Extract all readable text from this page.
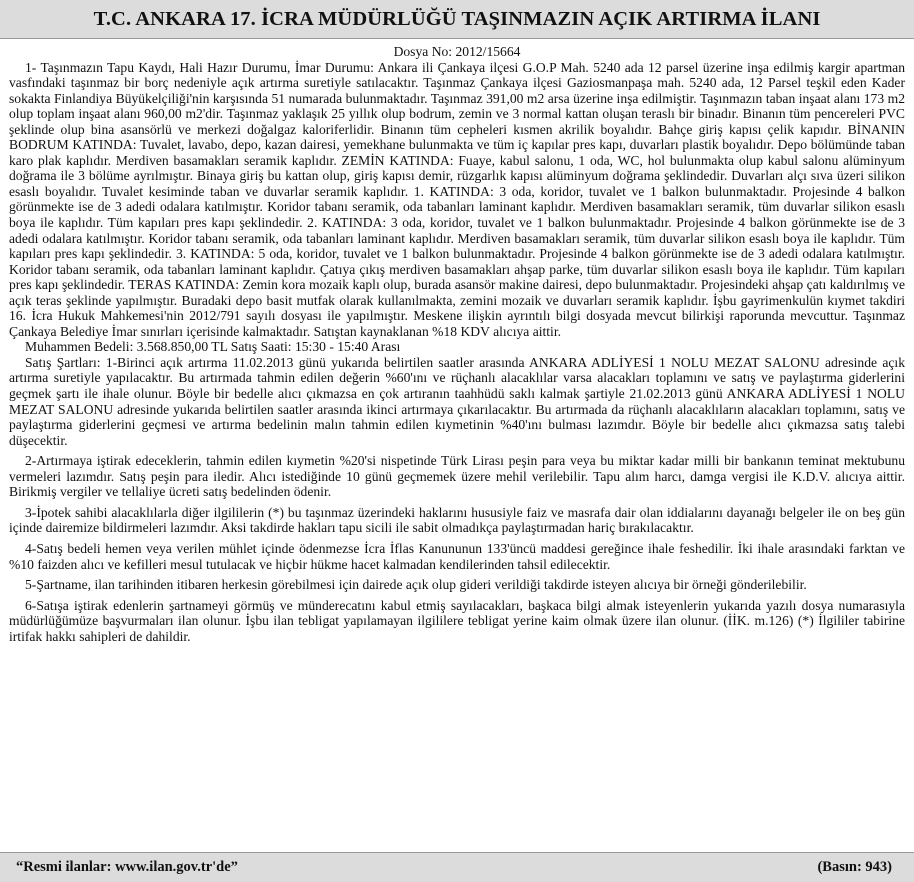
T.C. ANKARA 17. İCRA MÜDÜRLÜĞÜ TAŞINMAZIN AÇIK ARTIRMA İLANI

Dosya No: 2012/15664

1- Taşınmazın Tapu Kaydı, Hali Hazır Durumu, İmar Durumu: Ankara ili Çankaya ilçesi G.O.P Mah. 5240 ada 12 parsel üzerine inşa edilmiş kargir apartman vasfındaki taşınmaz bir borç nedeniyle açık artırma suretiyle satılacaktır. Taşınmaz Çankaya ilçesi Gaziosmanpaşa mah. 5240 ada, 12 Parsel teşkil eden Kader sokakta Finlandiya Büyükelçiliği'nin karşısında 51 numarada bulunmaktadır. Taşınmaz 391,00 m2 arsa üzerine inşa edilmiştir. Taşınmazın taban inşaat alanı 173 m2 olup toplam inşaat alanı 960,00 m2'dir. Taşınmaz yaklaşık 25 yıllık olup bodrum, zemin ve 3 normal kattan oluşan teraslı bir binadır. Binanın tüm pencereleri PVC şeklinde olup bina asansörlü ve merkezi doğalgaz kaloriferlidir. Binanın tüm cepheleri kısmen akrilik boyalıdır. Bahçe giriş kapısı çelik kapıdır. BİNANIN BODRUM KATINDA: Tuvalet, lavabo, depo, kazan dairesi, yemekhane bulunmakta ve tüm iç kapılar pres kapı, duvarları plastik boyalıdır. Depo bölümünde taban karo plak kaplıdır. Merdiven basamakları seramik kaplıdır. ZEMİN KATINDA: Fuaye, kabul salonu, 1 oda, WC, hol bulunmakta olup kabul salonu alüminyum doğrama ile 3 bölüme ayrılmıştır. Binaya giriş bu kattan olup, giriş kapısı demir, rüzgarlık kapısı alüminyum doğrama şeklindedir. Duvarları alçı sıva üzeri silikon esaslı boyalıdır. Tuvalet kesiminde taban ve duvarlar seramik kaplıdır. 1. KATINDA: 3 oda, koridor, tuvalet ve 1 balkon bulunmaktadır. Projesinde 4 balkon görünmekte ise de 3 adedi odalara katılmıştır. Koridor tabanı seramik, oda tabanları laminant kaplıdır. Merdiven basamakları seramik, tüm duvarlar silikon esaslı boya ile kaplıdır. Tüm kapıları pres kapı şeklindedir. 2. KATINDA: 3 oda, koridor, tuvalet ve 1 balkon bulunmaktadır. Projesinde 4 balkon görünmekte ise de 3 adedi odalara katılmıştır. Koridor tabanı seramik, oda tabanları laminant kaplıdır. Merdiven basamakları seramik, tüm duvarlar silikon esaslı boya ile kaplıdır. Tüm kapıları pres kapı şeklindedir. 3. KATINDA: 5 oda, koridor, tuvalet ve 1 balkon bulunmaktadır. Projesinde 4 balkon görünmekte ise de 3 adedi odalara katılmıştır. Koridor tabanı seramik, oda tabanları laminant kaplıdır. Çatıya çıkış merdiven basamakları ahşap parke, tüm duvarlar silikon esaslı boya ile kaplıdır. Tüm kapıları pres kapı şeklindedir. TERAS KATINDA: Zemin kora mozaik kaplı olup, burada asansör makine dairesi, depo bulunmaktadır. Projesindeki ahşap çatı kaldırılmış ve açık teras şeklinde yapılmıştır. Buradaki depo basit mutfak olarak kullanılmakta, zemini mozaik ve duvarları seramik kaplıdır. İşbu gayrimenkulün kıymet takdiri 16. İcra Hukuk Mahkemesi'nin 2012/791 sayılı dosyası ile yapılmıştır. Meskene ilişkin ayrıntılı bilgi dosyada mevcut bilirkişi raporunda mevcuttur. Taşınmaz Çankaya Belediye İmar sınırları içerisinde kalmaktadır. Satıştan kaynaklanan %18 KDV alıcıya aittir.

Muhammen Bedeli: 3.568.850,00 TL Satış Saati: 15:30 - 15:40 Arası

Satış Şartları: 1-Birinci açık artırma 11.02.2013 günü yukarıda belirtilen saatler arasında ANKARA ADLİYESİ 1 NOLU MEZAT SALONU adresinde açık artırma suretiyle yapılacaktır. Bu artırmada tahmin edilen değerin %60'ını ve rüçhanlı alacaklılar varsa alacakları toplamını ve satış ve paylaştırma giderlerini geçmek şartı ile ihale olunur. Böyle bir bedelle alıcı çıkmazsa en çok artıranın taahhüdü saklı kalmak şartiyle 21.02.2013 günü ANKARA ADLİYESİ 1 NOLU MEZAT SALONU adresinde yukarıda belirtilen saatler arasında ikinci artırmaya çıkarılacaktır. Bu artırmada da rüçhanlı alacaklıların alacakları toplamını, satış ve paylaştırma giderlerini geçmesi ve artırma bedelinin malın tahmin edilen kıymetinin %40'ını bulması lazımdır. Böyle bir bedelle alıcı çıkmazsa satış talebi düşecektir.

2-Artırmaya iştirak edeceklerin, tahmin edilen kıymetin %20'si nispetinde Türk Lirası peşin para veya bu miktar kadar milli bir bankanın teminat mektubunu vermeleri lazımdır. Satış peşin para iledir. Alıcı istediğinde 10 günü geçmemek üzere mehil verilebilir. Tapu alım harcı, damga vergisi ile K.D.V. alıcıya aittir. Birikmiş vergiler ve tellaliye ücreti satış bedelinden ödenir.

3-İpotek sahibi alacaklılarla diğer ilgililerin (*) bu taşınmaz üzerindeki haklarını hususiyle faiz ve masrafa dair olan iddialarını dayanağı belgeler ile on beş gün içinde dairemize bildirmeleri lazımdır. Aksi takdirde hakları tapu sicili ile sabit olmadıkça paylaştırmadan hariç bırakılacaktır.

4-Satış bedeli hemen veya verilen mühlet içinde ödenmezse İcra İflas Kanununun 133'üncü maddesi gereğince ihale feshedilir. İki ihale arasındaki farktan ve %10 faizden alıcı ve kefilleri mesul tutulacak ve hiçbir hükme hacet kalmadan kendilerinden tahsil edilecektir.

5-Şartname, ilan tarihinden itibaren herkesin görebilmesi için dairede açık olup gideri verildiği takdirde isteyen alıcıya bir örneği gönderilebilir.

6-Satışa iştirak edenlerin şartnameyi görmüş ve münderecatını kabul etmiş sayılacakları, başkaca bilgi almak isteyenlerin yukarıda yazılı dosya numarasıyla müdürlüğümüze başvurmaları ilan olunur. İşbu ilan tebligat yapılamayan ilgililere tebligat yerine kaim olmak üzere ilan olunur. (İİK. m.126) (*) İlgililer tabirine irtifak hakkı sahipleri de dahildir.

“Resmi ilanlar: www.ilan.gov.tr'de”	(Basın: 943)
